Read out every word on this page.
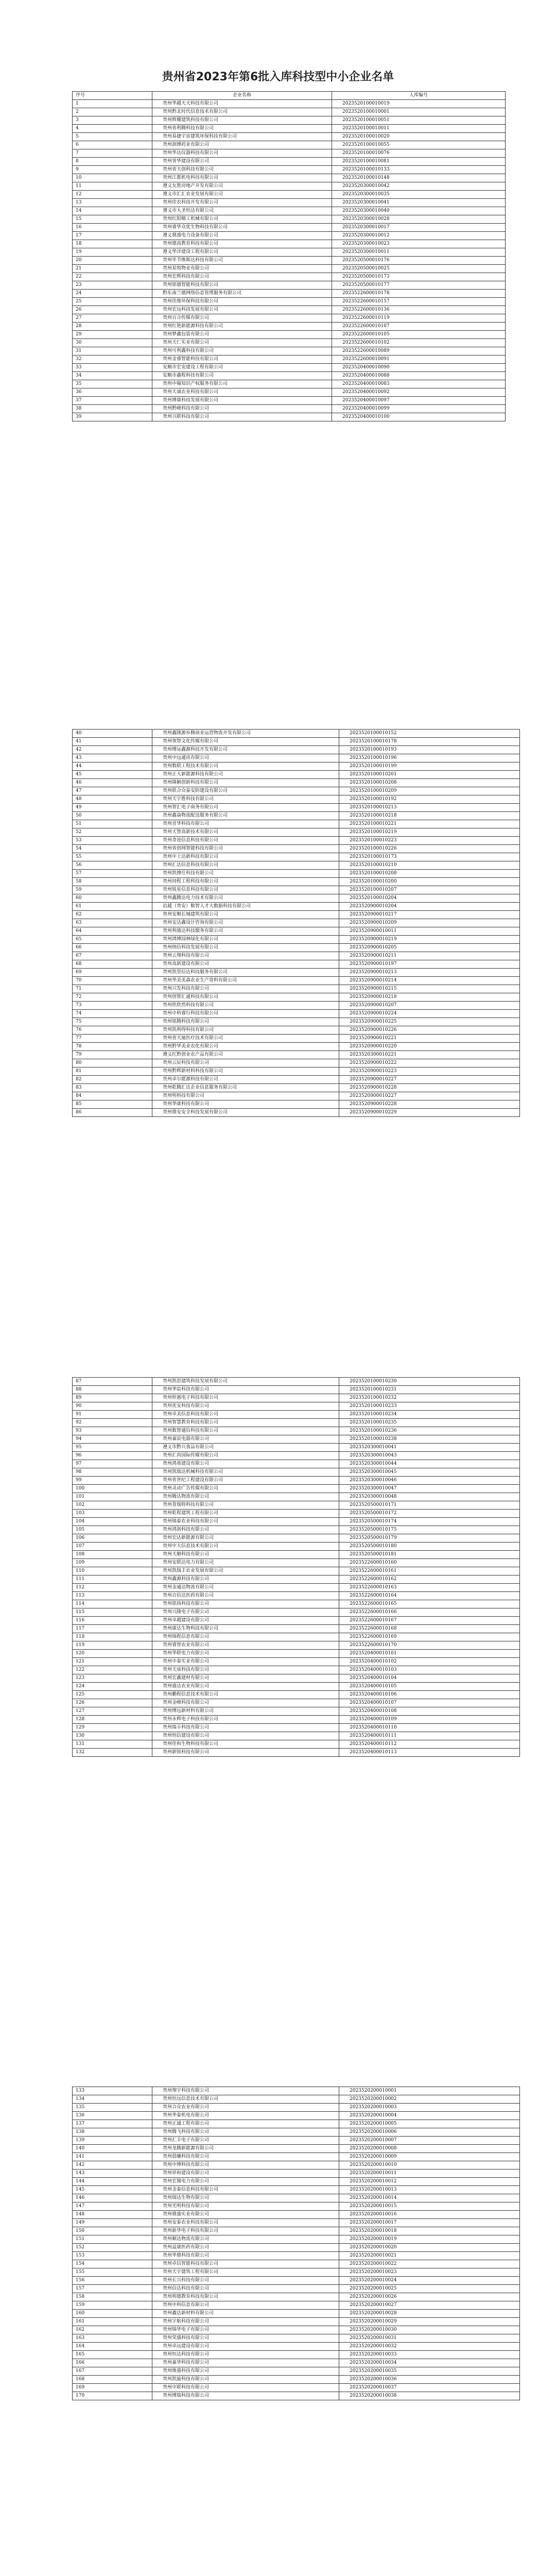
贵州省2023年第6批入库科技型中小企业名单
序号	企业名称	入库编号
1	贵州华越天天科技有限公司	2023520100010019
2	贵州黔北时代信息技术有限公司	2023520100010001
3	贵州辉耀建筑科技有限公司	2023520100010051
4	贵州省利腾科技有限公司	2023520100010011
5	贵州易捷宇宙建筑环保科技有限公司	2023520100010020
6	贵州润博药业有限公司	2023520100010055
7	贵州华达仪器科技有限公司	2023520100010076
8	贵州誉华建设有限公司	2023520100010081
9	贵州省天创科技有限公司	2023520100010133
10	贵州江都机电科技有限公司	2023520100010148
11	遵义友胜房地产开发有限公司	2023520300010042
12	遵义市汇汇农业发展有限公司	2023520300010035
13	贵州佳农科技开发有限公司	2023520300010041
14	遵义市大圣恒达有限公司	2023520300010040
15	贵州红阳精工机械有限公司	2023520300010028
16	贵州睿华众优生物科技有限公司	2023520300010017
17	遵义鼎盛电力设备有限公司	2023520300010012
18	贵州德高教育科技有限公司	2023520300010023
19	遵义华洋建设工程有限公司	2023520300010011
20	贵州毕节维斯达科技有限公司	2023520500010176
21	贵州星悦物业有限公司	2023520500010025
22	贵州宏辉科技有限公司	2023520500010173
23	贵州铭德智能科技有限公司	2023520500010177
24	黔东南兰德网络信息管理服务有限公司	2023522600010178
25	贵州佳维环保科技有限公司	2023522600010157
26	贵州宏远科技发展有限公司	2023522600010136
27	贵州百合传媒有限公司	2023522600010119
28	贵州红艳新能源科技有限公司	2023522600010107
29	贵州梦鑫包装有限公司	2023522600010105
30	贵州天仁实业有限公司	2023522600010102
31	贵州可利鑫科技有限公司	2023522600010089
32	贵州金睿智能科技有限公司	2023522600010091
33	安顺市宏安建设工程有限公司	2023520400010090
34	安顺市鑫程科技有限公司	2023520400010088
35	贵州中翰知识产权服务有限公司	2023520400010083
36	贵州天诚农业科技有限公司	2023520400010092
37	贵州博康科技发展有限公司	2023520400010097
38	贵州黔峰科技有限公司	2023520400010099
39	贵州兴联科技有限公司	2023520400010100
40	贵州鑫隆源乡腾商业运营物流开发有限公司	2023520100010152
41	贵州领智文化传媒有限公司	2023520100010178
42	贵州博运鑫源科技开发有限公司	2023520100010193
43	贵州中远通讯有限公司	2023520100010196
44	贵州数联工程技术有限公司	2023520100010199
45	贵州正大新能源科技有限公司	2023520100010201
46	贵州隆颖创新科技有限公司	2023520100010208
47	贵州联合众泰安防建设有限公司	2023520100010209
48	贵州天宇胜科技有限公司	2023520100010192
49	贵州智汇电子商务有限公司	2023520100010213
50	贵州鑫焱物流配送服务有限公司	2023520100010218
51	贵州首华科技有限公司	2023520100010221
52	贵州天智高新技术有限公司	2023520100010219
53	贵州奇迹信息科技有限公司	2023520100010223
54	贵州省创网智能科技有限公司	2023520100010226
55	贵州中上达新科技有限公司	2023520100010173
56	贵州汇达信息科技有限公司	2023520100010210
57	贵州凯博仕科技有限公司	2023520100010208
58	贵州同程工程科技有限公司	2023520100010200
59	贵州锐星信息科技有限公司	2023520100010207
60	贵州鑫腾达电力技术有限公司	2023520100010204
61	沿越（贵安）数智人才大数据科技有限公司	2023520900010204
62	贵州安顺长城建筑有限公司	2023520900010217
63	贵州安达鑫设计咨询有限公司	2023520900010209
64	贵州利盛达科技服务有限公司	2023520900010011
65	贵州鸿博园林绿化有限公司	2023520900010219
66	贵州纳信科技发展有限公司	2023520900010205
67	贵州云翔科技有限公司	2023520900010211
68	贵州高新建设有限公司	2023520900010197
69	贵州凯里信达科技服务有限公司	2023520900010213
70	贵州华美美森农业生产资料有限公司	2023520900010214
71	贵州兴发科技有限公司	2023520900010215
72	贵州创智汇通科技有限公司	2023520900010218
73	贵州欣欣然科技有限公司	2023520900010207
74	贵州中科睿行科技有限公司	2023520900010224
75	贵州铭腾科技有限公司	2023520900010225
76	贵州凯利得科技有限公司	2023520900010226
77	贵州省天迪医疗技术有限公司	2023520900010221
78	贵州黔华美业农化有限公司	2023520900010220
79	遵义红黔创业农产品有限公司	2023520300010221
80	贵州云辰科技有限公司	2023520900010222
81	贵州黔辉新材料科技有限公司	2023520900010223
82	贵州卓尔能源科技有限公司	2023520900010227
83	贵州乾腾汇达企业信息服务有限公司	2023520900010228
84	贵州明科技有限公司	2023520900010227
85	贵州华康科技有限公司	2023520900010228
86	贵州鼎安安全科技发展有限公司	2023520900010229
87	贵州凯思建筑科技发展有限公司	2023520100010230
88	贵州华宸科技有限公司	2023520100010231
89	贵州梓惠电子科技有限公司	2023520100010232
90	贵州优安科技有限公司	2023520100010233
91	贵州卓美信息科技有限公司	2023520100010234
92	贵州智慧教育科技有限公司	2023520100010235
93	贵州数智通信科技有限公司	2023520100010236
94	贵州嘉宸电器有限公司	2023520100010238
95	遵义市黔兴食品有限公司	2023520300010041
96	贵州汇尚国际传媒有限公司	2023520300010043
97	贵州鸿基建设有限公司	2023520300010044
98	贵州凯瑞达机械科技有限公司	2023520300010045
99	贵州省世纪工程建设有限公司	2023520300010046
100	贵州灵动广告传媒有限公司	2023520300010047
101	贵州腾达物流有限公司	2023520300010048
102	贵州普瑞特科技有限公司	2023520500010171
103	贵州乾程建筑工程有限公司	2023520500010172
104	贵州锦泰农业科技有限公司	2023520500010174
105	贵州鸿润科技有限公司	2023520500010175
106	贵州宏达新能源有限公司	2023520500010179
107	贵州中大信息技术有限公司	2023520500010180
108	贵州天顺科技有限公司	2023520500010181
109	贵州安联达电力有限公司	2023522600010160
110	贵州凯瑞丰农业发展有限公司	2023522600010161
111	贵州鑫源科技有限公司	2023522600010162
112	贵州金通达物流有限公司	2023522600010163
113	贵州百信达医药有限公司	2023522600010164
114	贵州铭扬科技有限公司	2023522600010165
115	贵州兴隆电子有限公司	2023522600010166
116	贵州卓越建设有限公司	2023522600010167
117	贵州康达生物科技有限公司	2023522600010168
118	贵州锦程信息有限公司	2023522600010169
119	贵州睿智农业有限公司	2023522600010170
120	贵州华联电力有限公司	2023520400010101
121	贵州中泰实业有限公司	2023520400010102
122	贵州天成科技有限公司	2023520400010103
123	贵州宏鑫建材有限公司	2023520400010104
124	贵州盛达农业有限公司	2023520400010105
125	贵州鹏程信息技术有限公司	2023520400010106
126	贵州金峰科技有限公司	2023520400010107
127	贵州博远新材料有限公司	2023520400010108
128	贵州永辉电子科技有限公司	2023520400010109
129	贵州瑞丰科技有限公司	2023520400010110
130	贵州恒信建设有限公司	2023520400010111
131	贵州佳和生物科技有限公司	2023520400010112
132	贵州新锐科技有限公司	2023520400010113
133	贵州翔宇科技有限公司	2023520200010001
134	贵州恒远信息技术有限公司	2023520200010002
135	贵州合众农业有限公司	2023520200010003
136	贵州华泰机电有限公司	2023520200010004
137	贵州正通工程有限公司	2023520200010005
138	贵州腾飞科技有限公司	2023520200010006
139	贵州汇丰电子有限公司	2023520200010007
140	贵州龙腾新能源有限公司	2023520200010008
141	贵州晨曦科技有限公司	2023520200010009
142	贵州中博科技有限公司	2023520200010010
143	贵州祥和建设有限公司	2023520200010011
144	贵州宏图电力有限公司	2023520200010012
145	贵州金泰信息科技有限公司	2023520200010013
146	贵州瑞达生物有限公司	2023520200010014
147	贵州光明科技有限公司	2023520200010015
148	贵州鼎盛实业有限公司	2023520200010016
149	贵州安泰农业科技有限公司	2023520200010017
150	贵州新华电子科技有限公司	2023520200010018
151	贵州顺达物流有限公司	2023520200010019
152	贵州益康医药有限公司	2023520200010020
153	贵州华鼎科技有限公司	2023520200010021
154	贵州卓信智能科技有限公司	2023520200010022
155	贵州天宇建筑工程有限公司	2023520200010023
156	贵州长兴科技有限公司	2023520200010024
157	贵州信达科技有限公司	2023520200010025
158	贵州明德教育科技有限公司	2023520200010026
159	贵州中科信息有限公司	2023520200010027
160	贵州鑫达新材料有限公司	2023520200010028
161	贵州宇航科技有限公司	2023520200010029
162	贵州锦华电子有限公司	2023520200010030
163	贵州荣盛科技有限公司	2023520200010031
164	贵州卓远建设有限公司	2023520200010032
165	贵州恒达科技有限公司	2023520200010033
166	贵州嘉华科技有限公司	2023520200010034
167	贵州维盛科技有限公司	2023520200010035
168	贵州凯旋科技有限公司	2023520200010036
169	贵州中联科技有限公司	2023520200010037
170	贵州博瑞科技有限公司	2023520200010038
